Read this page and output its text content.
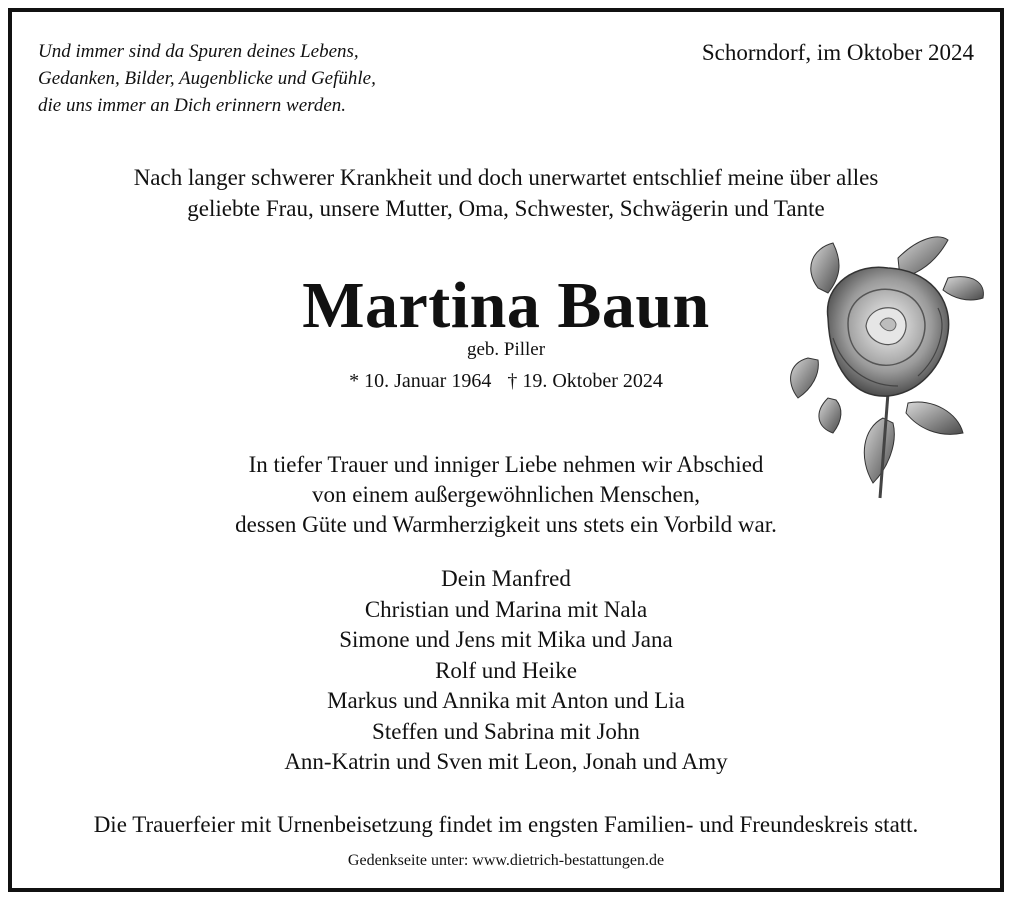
Und immer sind da Spuren deines Lebens,
Gedanken, Bilder, Augenblicke und Gefühle,
die uns immer an Dich erinnern werden.
Schorndorf, im Oktober 2024
Nach langer schwerer Krankheit und doch unerwartet entschlief meine über alles
geliebte Frau, unsere Mutter, Oma, Schwester, Schwägerin und Tante
Martina Baun
geb. Piller
* 10. Januar 1964 † 19. Oktober 2024
In tiefer Trauer und inniger Liebe nehmen wir Abschied
von einem außergewöhnlichen Menschen,
dessen Güte und Warmherzigkeit uns stets ein Vorbild war.
Dein Manfred
Christian und Marina mit Nala
Simone und Jens mit Mika und Jana
Rolf und Heike
Markus und Annika mit Anton und Lia
Steffen und Sabrina mit John
Ann-Katrin und Sven mit Leon, Jonah und Amy
Die Trauerfeier mit Urnenbeisetzung findet im engsten Familien- und Freundeskreis statt.
Gedenkseite unter: www.dietrich-bestattungen.de
